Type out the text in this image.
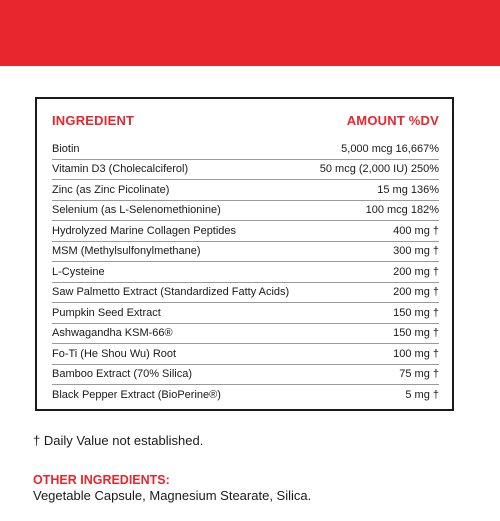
INGREDIENT	AMOUNT %DV
Biotin	5,000 mcg 16,667%
Vitamin D3 (Cholecalciferol)	50 mcg (2,000 IU) 250%
Zinc (as Zinc Picolinate)	15 mg 136%
Selenium (as L-Selenomethionine)	100 mcg 182%
Hydrolyzed Marine Collagen Peptides	400 mg †
MSM (Methylsulfonylmethane)	300 mg †
L-Cysteine	200 mg †
Saw Palmetto Extract (Standardized Fatty Acids)	200 mg †
Pumpkin Seed Extract	150 mg †
Ashwagandha KSM-66®	150 mg †
Fo-Ti (He Shou Wu) Root	100 mg †
Bamboo Extract (70% Silica)	75 mg †
Black Pepper Extract (BioPerine®)	5 mg †
† Daily Value not established.
OTHER INGREDIENTS:
Vegetable Capsule, Magnesium Stearate, Silica.
